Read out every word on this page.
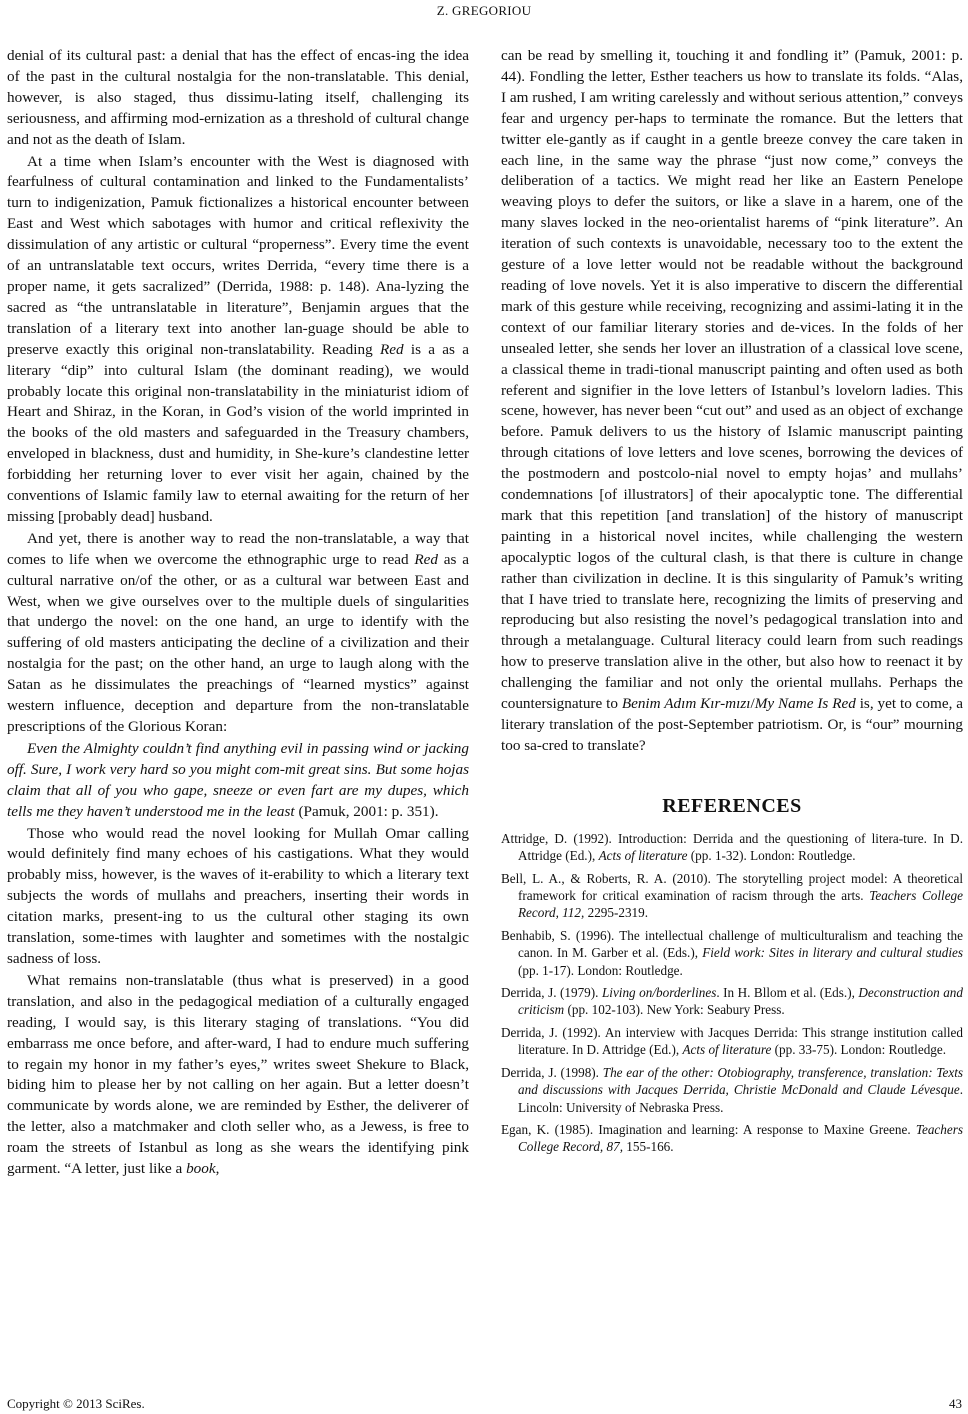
Z. GREGORIOU

denial of its cultural past: a denial that has the effect of encas-ing the idea of the past in the cultural nostalgia for the non-translatable. This denial, however, is also staged, thus dissimu-lating itself, challenging its seriousness, and affirming mod-ernization as a threshold of cultural change and not as the death of Islam.

At a time when Islam’s encounter with the West is diagnosed with fearfulness of cultural contamination and linked to the Fundamentalists’ turn to indigenization, Pamuk fictionalizes a historical encounter between East and West which sabotages with humor and critical reflexivity the dissimulation of any artistic or cultural “properness”. Every time the event of an untranslatable text occurs, writes Derrida, “every time there is a proper name, it gets sacralized” (Derrida, 1988: p. 148). Ana-lyzing the sacred as “the untranslatable in literature”, Benjamin argues that the translation of a literary text into another lan-guage should be able to preserve exactly this original non-translatability. Reading Red is a as a literary “dip” into cultural Islam (the dominant reading), we would probably locate this original non-translatability in the miniaturist idiom of Heart and Shiraz, in the Koran, in God’s vision of the world imprinted in the books of the old masters and safeguarded in the Treasury chambers, enveloped in blackness, dust and humidity, in She-kure’s clandestine letter forbidding her returning lover to ever visit her again, chained by the conventions of Islamic family law to eternal awaiting for the return of her missing [probably dead] husband.

And yet, there is another way to read the non-translatable, a way that comes to life when we overcome the ethnographic urge to read Red as a cultural narrative on/of the other, or as a cultural war between East and West, when we give ourselves over to the multiple duels of singularities that undergo the novel: on the one hand, an urge to identify with the suffering of old masters anticipating the decline of a civilization and their nostalgia for the past; on the other hand, an urge to laugh along with the Satan as he dissimulates the preachings of “learned mystics” against western influence, deception and departure from the non-translatable prescriptions of the Glorious Koran:

Even the Almighty couldn’t find anything evil in passing wind or jacking off. Sure, I work very hard so you might com-mit great sins. But some hojas claim that all of you who gape, sneeze or even fart are my dupes, which tells me they haven’t understood me in the least (Pamuk, 2001: p. 351).

Those who would read the novel looking for Mullah Omar calling would definitely find many echoes of his castigations. What they would probably miss, however, is the waves of it-erability to which a literary text subjects the words of mullahs and preachers, inserting their words in citation marks, present-ing to us the cultural other staging its own translation, some-times with laughter and sometimes with the nostalgic sadness of loss.

What remains non-translatable (thus what is preserved) in a good translation, and also in the pedagogical mediation of a culturally engaged reading, I would say, is this literary staging of translations. “You did embarrass me once before, and after-ward, I had to endure much suffering to regain my honor in my father’s eyes,” writes sweet Shekure to Black, biding him to please her by not calling on her again. But a letter doesn’t communicate by words alone, we are reminded by Esther, the deliverer of the letter, also a matchmaker and cloth seller who, as a Jewess, is free to roam the streets of Istanbul as long as she wears the identifying pink garment. “A letter, just like a book,

can be read by smelling it, touching it and fondling it” (Pamuk, 2001: p. 44). Fondling the letter, Esther teachers us how to translate its folds. “Alas, I am rushed, I am writing carelessly and without serious attention,” conveys fear and urgency per-haps to terminate the romance. But the letters that twitter ele-gantly as if caught in a gentle breeze convey the care taken in each line, in the same way the phrase “just now come,” conveys the deliberation of a tactics. We might read her like an Eastern Penelope weaving ploys to defer the suitors, or like a slave in a harem, one of the many slaves locked in the neo-orientalist harems of “pink literature”. An iteration of such contexts is unavoidable, necessary too to the extent the gesture of a love letter would not be readable without the background reading of love novels. Yet it is also imperative to discern the differential mark of this gesture while receiving, recognizing and assimi-lating it in the context of our familiar literary stories and de-vices. In the folds of her unsealed letter, she sends her lover an illustration of a classical love scene, a classical theme in tradi-tional manuscript painting and often used as both referent and signifier in the love letters of Istanbul’s lovelorn ladies. This scene, however, has never been “cut out” and used as an object of exchange before. Pamuk delivers to us the history of Islamic manuscript painting through citations of love letters and love scenes, borrowing the devices of the postmodern and postcolo-nial novel to empty hojas’ and mullahs’ condemnations [of illustrators] of their apocalyptic tone. The differential mark that this repetition [and translation] of the history of manuscript painting in a historical novel incites, while challenging the western apocalyptic logos of the cultural clash, is that there is culture in change rather than civilization in decline. It is this singularity of Pamuk’s writing that I have tried to translate here, recognizing the limits of preserving and reproducing but also resisting the novel’s pedagogical translation into and through a metalanguage. Cultural literacy could learn from such readings how to preserve translation alive in the other, but also how to reenact it by challenging the familiar and not only the oriental mullahs. Perhaps the countersignature to Benim Adım Kır-mızı/My Name Is Red is, yet to come, a literary translation of the post-September patriotism. Or, is “our” mourning too sa-cred to translate?

REFERENCES
Attridge, D. (1992). Introduction: Derrida and the questioning of litera-ture. In D. Attridge (Ed.), Acts of literature (pp. 1-32). London: Routledge.
Bell, L. A., & Roberts, R. A. (2010). The storytelling project model: A theoretical framework for critical examination of racism through the arts. Teachers College Record, 112, 2295-2319.
Benhabib, S. (1996). The intellectual challenge of multiculturalism and teaching the canon. In M. Garber et al. (Eds.), Field work: Sites in literary and cultural studies (pp. 1-17). London: Routledge.
Derrida, J. (1979). Living on/borderlines. In H. Bllom et al. (Eds.), Deconstruction and criticism (pp. 102-103). New York: Seabury Press.
Derrida, J. (1992). An interview with Jacques Derrida: This strange institution called literature. In D. Attridge (Ed.), Acts of literature (pp. 33-75). London: Routledge.
Derrida, J. (1998). The ear of the other: Otobiography, transference, translation: Texts and discussions with Jacques Derrida, Christie McDonald and Claude Lévesque. Lincoln: University of Nebraska Press.
Egan, K. (1985). Imagination and learning: A response to Maxine Greene. Teachers College Record, 87, 155-166.
Copyright © 2013 SciRes.	43
